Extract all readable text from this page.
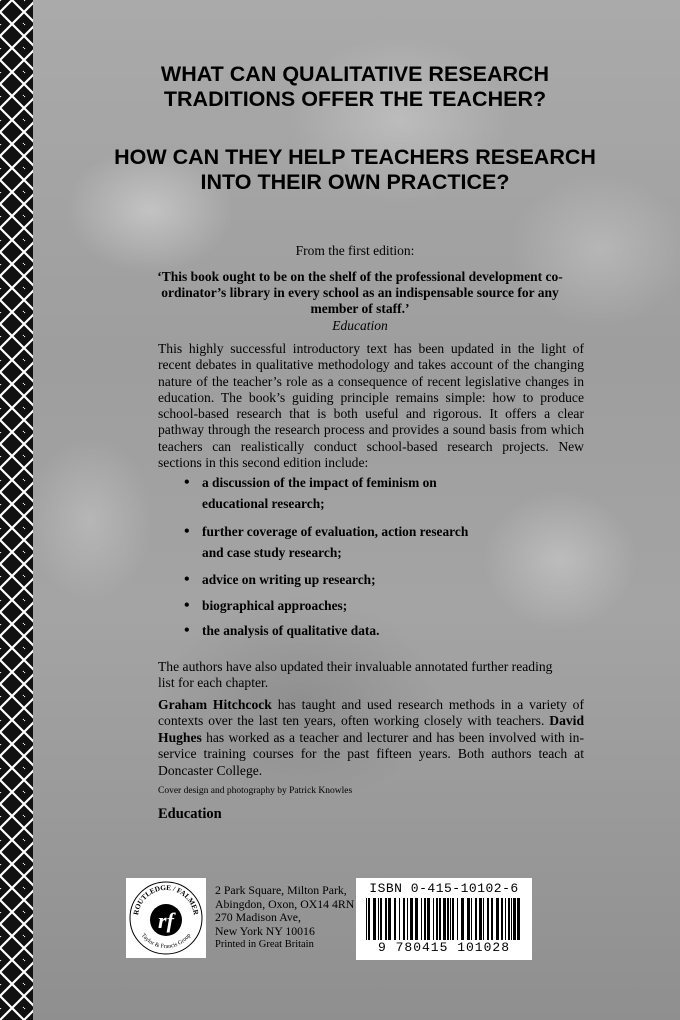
WHAT CAN QUALITATIVE RESEARCH TRADITIONS OFFER THE TEACHER?
HOW CAN THEY HELP TEACHERS RESEARCH INTO THEIR OWN PRACTICE?
From the first edition:

‘This book ought to be on the shelf of the professional development co-ordinator’s library in every school as an indispensable source for any member of staff.’

Education

This highly successful introductory text has been updated in the light of recent debates in qualitative methodology and takes account of the changing nature of the teacher’s role as a consequence of recent legislative changes in education. The book’s guiding principle remains simple: how to produce school-based research that is both useful and rigorous. It offers a clear pathway through the research process and provides a sound basis from which teachers can realistically conduct school-based research projects. New sections in this second edition include:

• a discussion of the impact of feminism on educational research;
• further coverage of evaluation, action research and case study research;
• advice on writing up research;
• biographical approaches;
• the analysis of qualitative data.

The authors have also updated their invaluable annotated further reading list for each chapter.

Graham Hitchcock has taught and used research methods in a variety of contexts over the last ten years, often working closely with teachers. David Hughes has worked as a teacher and lecturer and has been involved with in-service training courses for the past fifteen years. Both authors teach at Doncaster College.

Cover design and photography by Patrick Knowles
Education
ROUTLEDGE / FALMER
Taylor & Francis Group
rf
2 Park Square, Milton Park,
Abingdon, Oxon, OX14 4RN
270 Madison Ave,
New York NY 10016
Printed in Great Britain
ISBN 0-415-10102-6
9 780415 101028
